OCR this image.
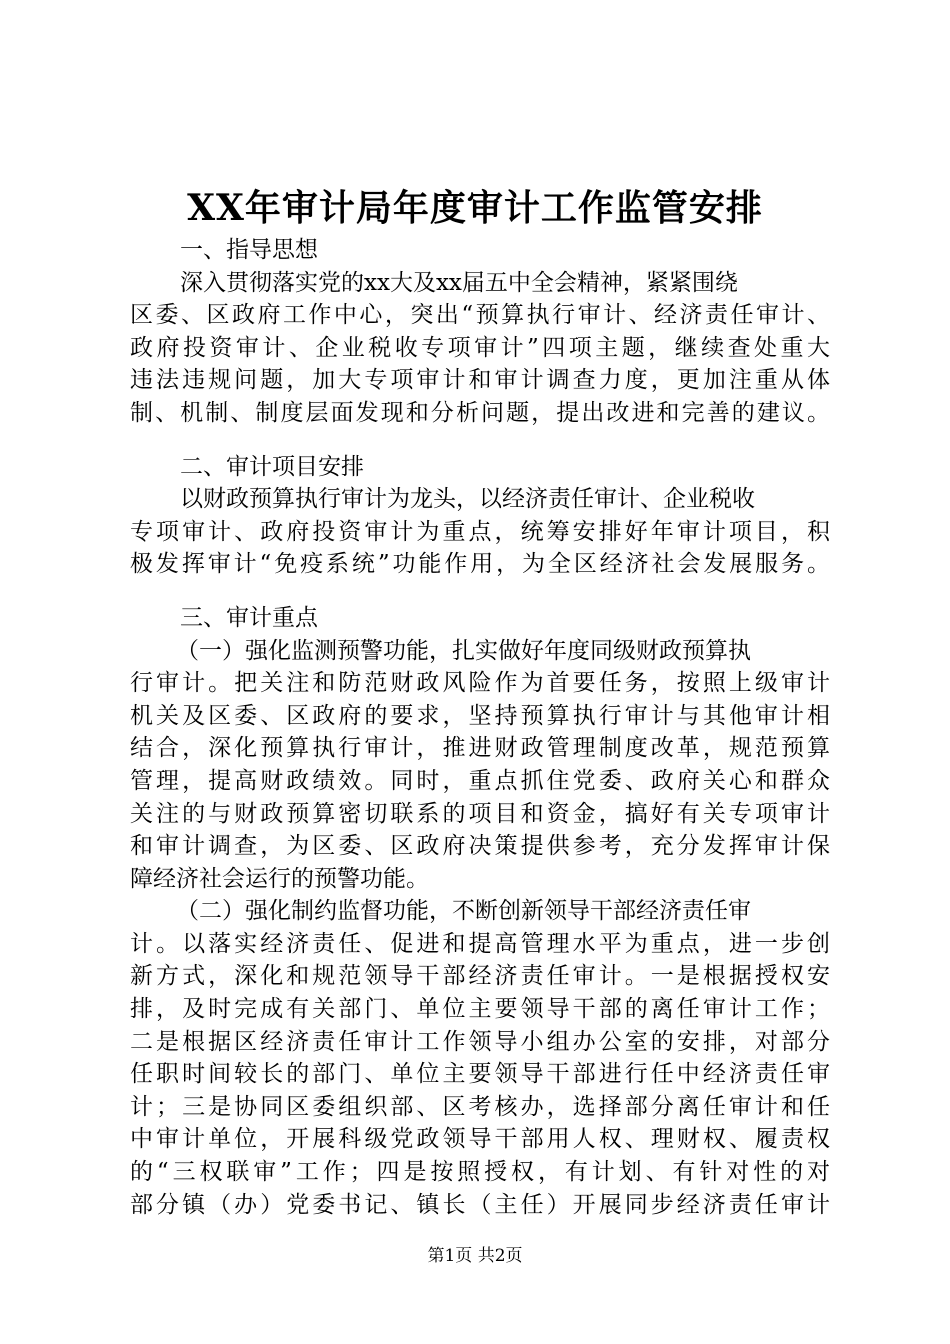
XX年审计局年度审计工作监管安排
一、指导思想
深入贯彻落实党的xx大及xx届五中全会精神，紧紧围绕
区委、区政府工作中心，突出“预算执行审计、经济责任审计、
政府投资审计、企业税收专项审计”四项主题，继续查处重大
违法违规问题，加大专项审计和审计调查力度，更加注重从体
制、机制、制度层面发现和分析问题，提出改进和完善的建议。
二、审计项目安排
以财政预算执行审计为龙头，以经济责任审计、企业税收
专项审计、政府投资审计为重点，统筹安排好年审计项目，积
极发挥审计“免疫系统”功能作用，为全区经济社会发展服务。
三、审计重点
（一）强化监测预警功能，扎实做好年度同级财政预算执
行审计。把关注和防范财政风险作为首要任务，按照上级审计
机关及区委、区政府的要求，坚持预算执行审计与其他审计相
结合，深化预算执行审计，推进财政管理制度改革，规范预算
管理，提高财政绩效。同时，重点抓住党委、政府关心和群众
关注的与财政预算密切联系的项目和资金，搞好有关专项审计
和审计调查，为区委、区政府决策提供参考，充分发挥审计保
障经济社会运行的预警功能。
（二）强化制约监督功能，不断创新领导干部经济责任审
计。以落实经济责任、促进和提高管理水平为重点，进一步创
新方式，深化和规范领导干部经济责任审计。一是根据授权安
排，及时完成有关部门、单位主要领导干部的离任审计工作；
二是根据区经济责任审计工作领导小组办公室的安排，对部分
任职时间较长的部门、单位主要领导干部进行任中经济责任审
计；三是协同区委组织部、区考核办，选择部分离任审计和任
中审计单位，开展科级党政领导干部用人权、理财权、履责权
的“三权联审”工作；四是按照授权，有计划、有针对性的对
部分镇（办）党委书记、镇长（主任）开展同步经济责任审计
第1页 共2页
